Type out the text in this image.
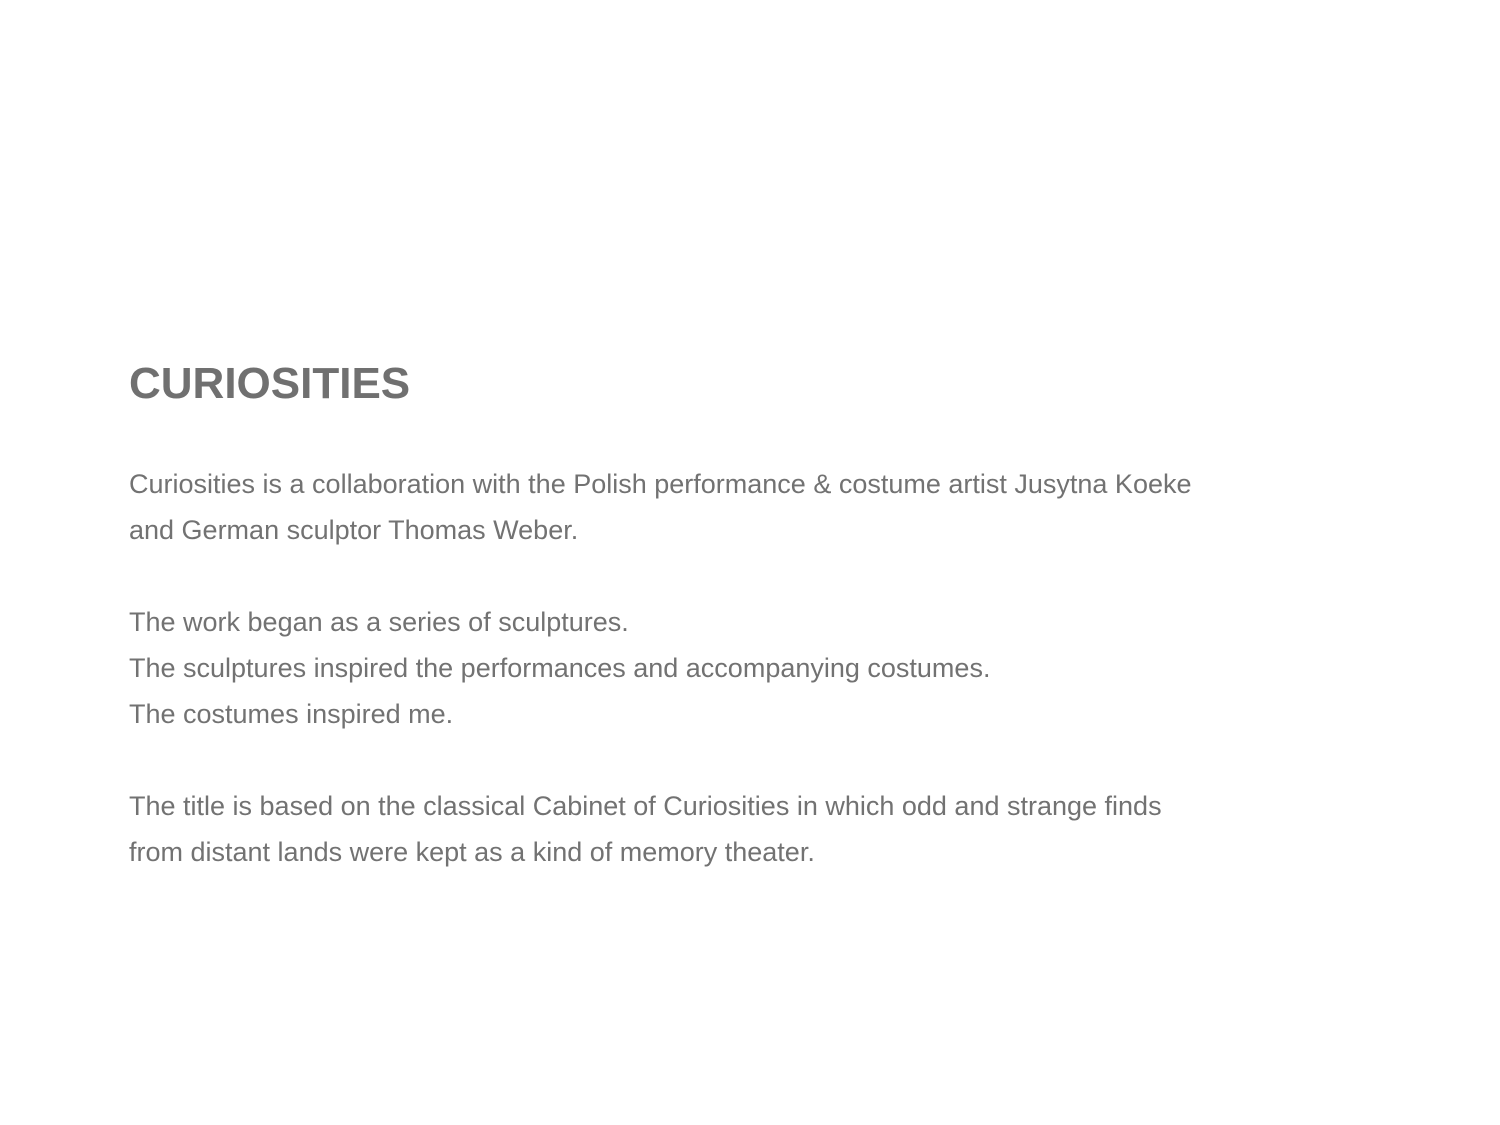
CURIOSITIES

Curiosities is a collaboration with the Polish performance & costume artist Jusytna Koeke
and German sculptor Thomas Weber.

The work began as a series of sculptures.
The sculptures inspired the performances and accompanying costumes.
The costumes inspired me.

The title is based on the classical Cabinet of Curiosities in which odd and strange finds
from distant lands were kept as a kind of memory theater.
